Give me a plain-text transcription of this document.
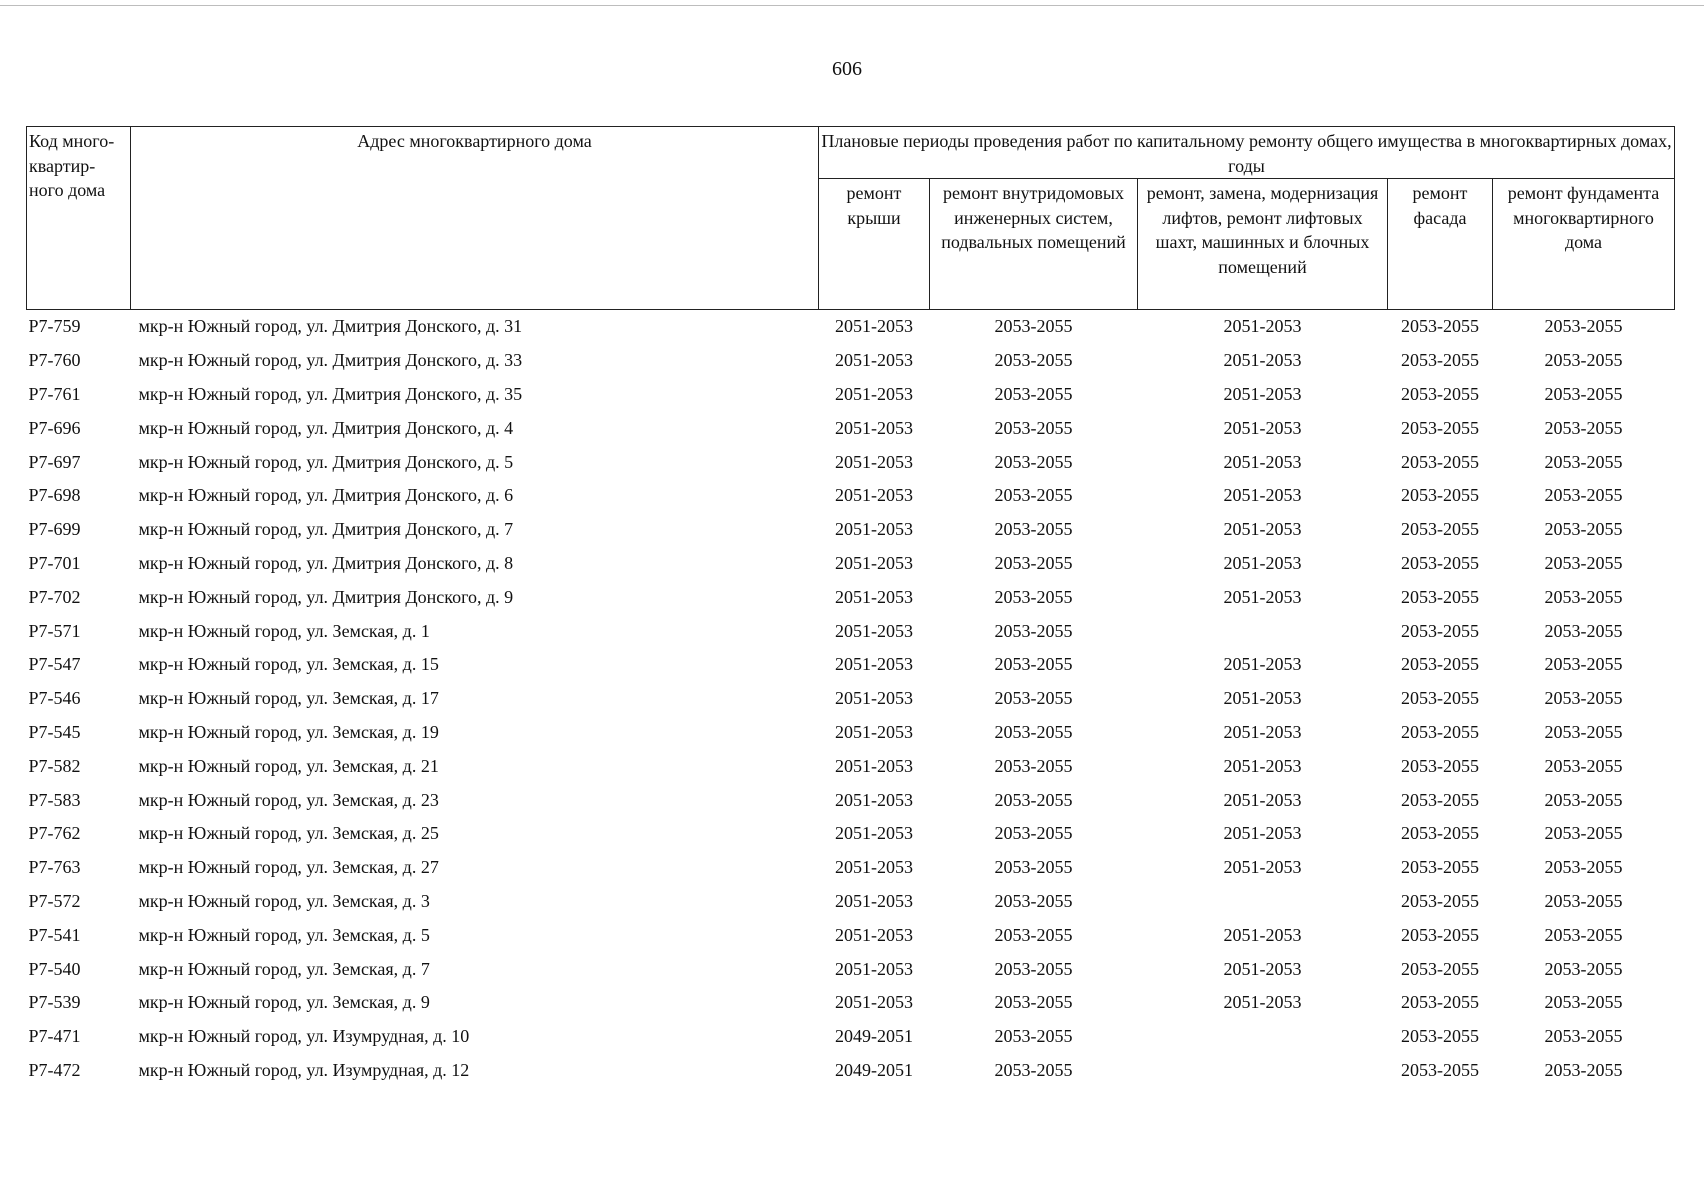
606
Код много-квартир-ного дома	Адрес многоквартирного дома	Плановые периоды проведения работ по капитальному ремонту общего имущества в многоквартирных домах, годы				
		ремонт крыши	ремонт внутридомовых инженерных систем, подвальных помещений	ремонт, замена, модернизация лифтов, ремонт лифтовых шахт, машинных и блочных помещений	ремонт фасада	ремонт фундамента многоквартирного дома
Р7-759	мкр-н Южный город, ул. Дмитрия Донского, д. 31	2051-2053	2053-2055	2051-2053	2053-2055	2053-2055
Р7-760	мкр-н Южный город, ул. Дмитрия Донского, д. 33	2051-2053	2053-2055	2051-2053	2053-2055	2053-2055
Р7-761	мкр-н Южный город, ул. Дмитрия Донского, д. 35	2051-2053	2053-2055	2051-2053	2053-2055	2053-2055
Р7-696	мкр-н Южный город, ул. Дмитрия Донского, д. 4	2051-2053	2053-2055	2051-2053	2053-2055	2053-2055
Р7-697	мкр-н Южный город, ул. Дмитрия Донского, д. 5	2051-2053	2053-2055	2051-2053	2053-2055	2053-2055
Р7-698	мкр-н Южный город, ул. Дмитрия Донского, д. 6	2051-2053	2053-2055	2051-2053	2053-2055	2053-2055
Р7-699	мкр-н Южный город, ул. Дмитрия Донского, д. 7	2051-2053	2053-2055	2051-2053	2053-2055	2053-2055
Р7-701	мкр-н Южный город, ул. Дмитрия Донского, д. 8	2051-2053	2053-2055	2051-2053	2053-2055	2053-2055
Р7-702	мкр-н Южный город, ул. Дмитрия Донского, д. 9	2051-2053	2053-2055	2051-2053	2053-2055	2053-2055
Р7-571	мкр-н Южный город, ул. Земская, д. 1	2051-2053	2053-2055		2053-2055	2053-2055
Р7-547	мкр-н Южный город, ул. Земская, д. 15	2051-2053	2053-2055	2051-2053	2053-2055	2053-2055
Р7-546	мкр-н Южный город, ул. Земская, д. 17	2051-2053	2053-2055	2051-2053	2053-2055	2053-2055
Р7-545	мкр-н Южный город, ул. Земская, д. 19	2051-2053	2053-2055	2051-2053	2053-2055	2053-2055
Р7-582	мкр-н Южный город, ул. Земская, д. 21	2051-2053	2053-2055	2051-2053	2053-2055	2053-2055
Р7-583	мкр-н Южный город, ул. Земская, д. 23	2051-2053	2053-2055	2051-2053	2053-2055	2053-2055
Р7-762	мкр-н Южный город, ул. Земская, д. 25	2051-2053	2053-2055	2051-2053	2053-2055	2053-2055
Р7-763	мкр-н Южный город, ул. Земская, д. 27	2051-2053	2053-2055	2051-2053	2053-2055	2053-2055
Р7-572	мкр-н Южный город, ул. Земская, д. 3	2051-2053	2053-2055		2053-2055	2053-2055
Р7-541	мкр-н Южный город, ул. Земская, д. 5	2051-2053	2053-2055	2051-2053	2053-2055	2053-2055
Р7-540	мкр-н Южный город, ул. Земская, д. 7	2051-2053	2053-2055	2051-2053	2053-2055	2053-2055
Р7-539	мкр-н Южный город, ул. Земская, д. 9	2051-2053	2053-2055	2051-2053	2053-2055	2053-2055
Р7-471	мкр-н Южный город, ул. Изумрудная, д. 10	2049-2051	2053-2055		2053-2055	2053-2055
Р7-472	мкр-н Южный город, ул. Изумрудная, д. 12	2049-2051	2053-2055		2053-2055	2053-2055
